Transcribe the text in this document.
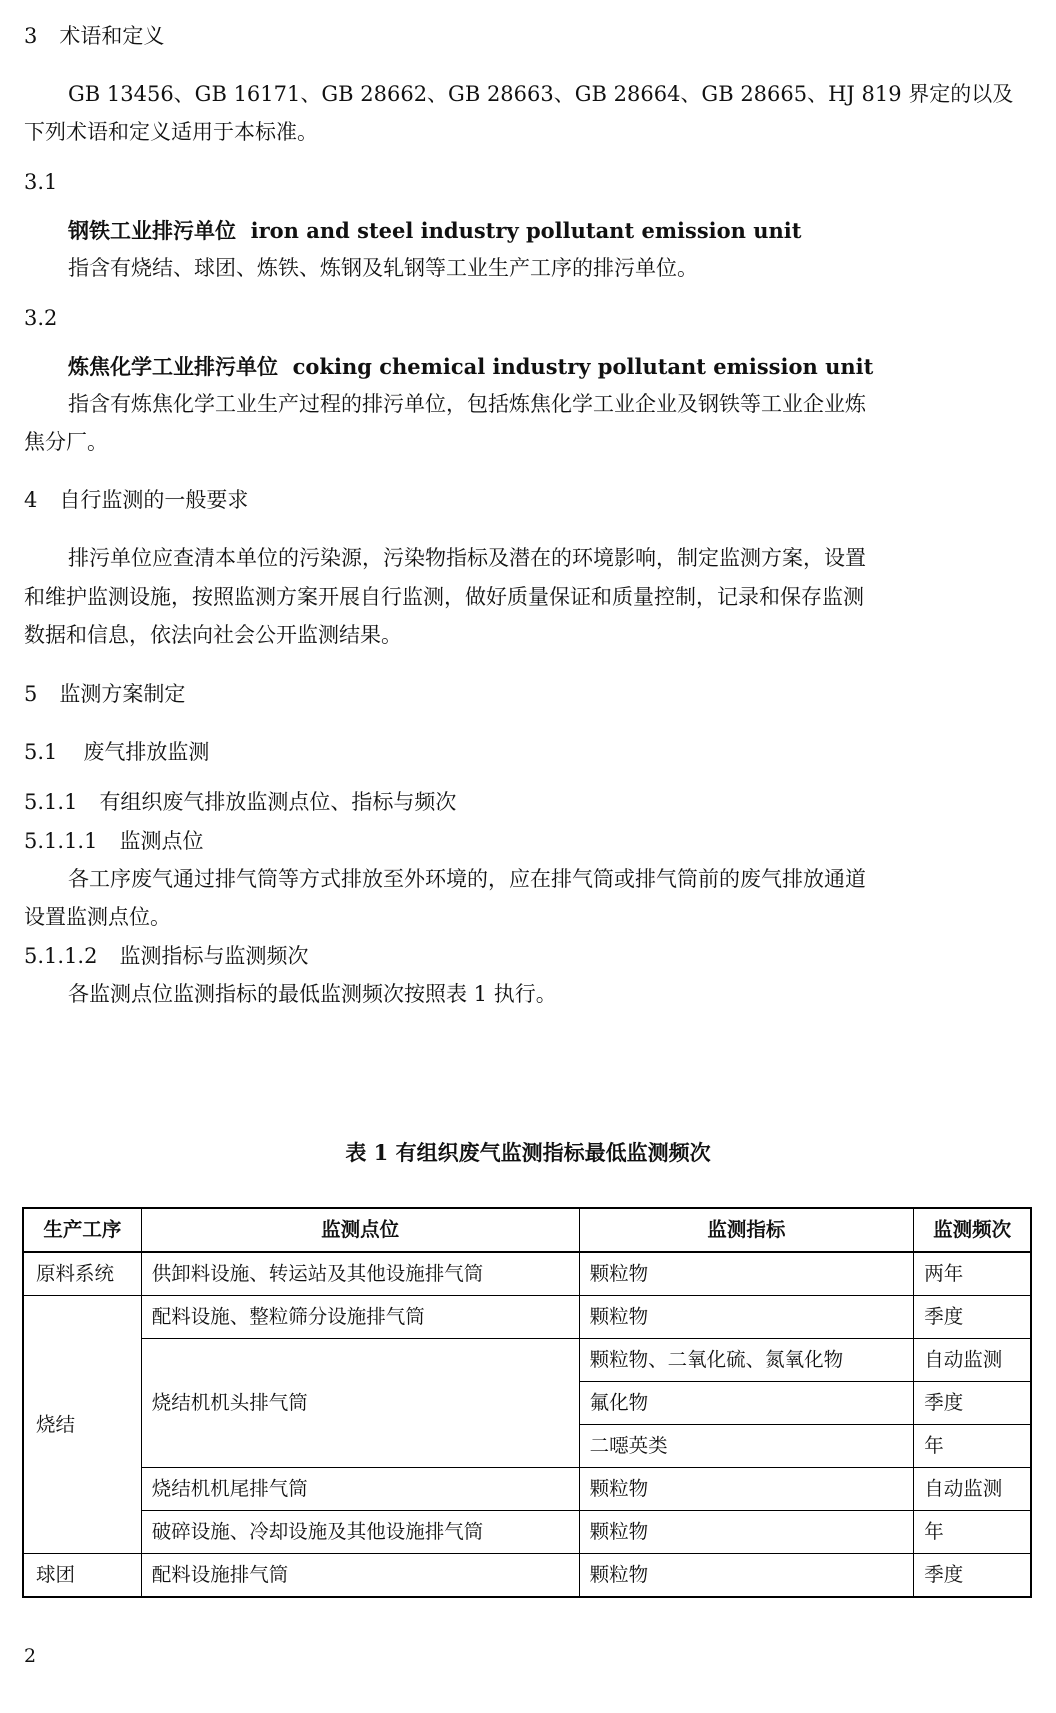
3 术语和定义
GB 13456、GB 16171、GB 28662、GB 28663、GB 28664、GB 28665、HJ 819 界定的以及
下列术语和定义适用于本标准。
3.1
钢铁工业排污单位 iron and steel industry pollutant emission unit
指含有烧结、球团、炼铁、炼钢及轧钢等工业生产工序的排污单位。
3.2
炼焦化学工业排污单位 coking chemical industry pollutant emission unit
指含有炼焦化学工业生产过程的排污单位，包括炼焦化学工业企业及钢铁等工业企业炼
焦分厂。
4 自行监测的一般要求
排污单位应查清本单位的污染源，污染物指标及潜在的环境影响，制定监测方案，设置
和维护监测设施，按照监测方案开展自行监测，做好质量保证和质量控制，记录和保存监测
数据和信息，依法向社会公开监测结果。
5 监测方案制定
5.1 废气排放监测
5.1.1 有组织废气排放监测点位、指标与频次
5.1.1.1 监测点位
各工序废气通过排气筒等方式排放至外环境的，应在排气筒或排气筒前的废气排放通道
设置监测点位。
5.1.1.2 监测指标与监测频次
各监测点位监测指标的最低监测频次按照表 1 执行。
表 1 有组织废气监测指标最低监测频次
生产工序	监测点位	监测指标	监测频次
原料系统	供卸料设施、转运站及其他设施排气筒	颗粒物	两年
烧结	配料设施、整粒筛分设施排气筒	颗粒物	季度
	烧结机机头排气筒	颗粒物、二氧化硫、氮氧化物	自动监测
		氟化物	季度
		二噁英类	年
	烧结机机尾排气筒	颗粒物	自动监测
	破碎设施、冷却设施及其他设施排气筒	颗粒物	年
球团	配料设施排气筒	颗粒物	季度
2
